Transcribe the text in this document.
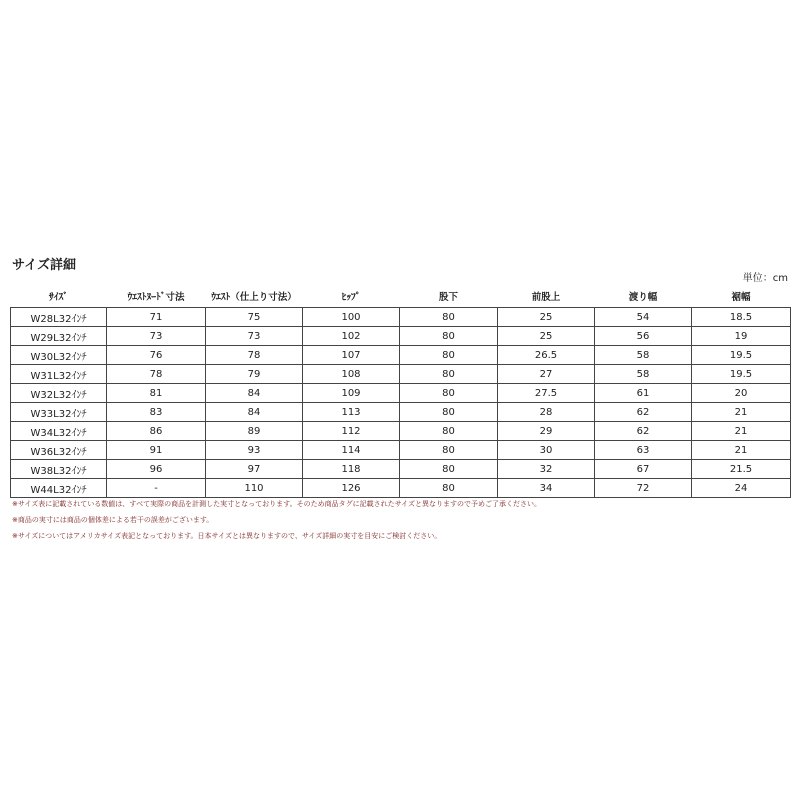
サイズ詳細
単位：cm
ｻｲｽﾞ	ｳｴｽﾄﾇｰﾄﾞ寸法	ｳｴｽﾄ（仕上り寸法）	ﾋｯﾌﾟ	股下	前股上	渡り幅	裾幅
W28L32ｲﾝﾁ	71	75	100	80	25	54	18.5
W29L32ｲﾝﾁ	73	73	102	80	25	56	19
W30L32ｲﾝﾁ	76	78	107	80	26.5	58	19.5
W31L32ｲﾝﾁ	78	79	108	80	27	58	19.5
W32L32ｲﾝﾁ	81	84	109	80	27.5	61	20
W33L32ｲﾝﾁ	83	84	113	80	28	62	21
W34L32ｲﾝﾁ	86	89	112	80	29	62	21
W36L32ｲﾝﾁ	91	93	114	80	30	63	21
W38L32ｲﾝﾁ	96	97	118	80	32	67	21.5
W44L32ｲﾝﾁ	-	110	126	80	34	72	24
※サイズ表に記載されている数値は、すべて実際の商品を計測した実寸となっております。そのため商品タグに記載されたサイズと異なりますので予めご了承ください。
※商品の実寸には商品の個体差による若干の誤差がございます。
※サイズについてはアメリカサイズ表記となっております。日本サイズとは異なりますので、サイズ詳細の実寸を目安にご検討ください。
